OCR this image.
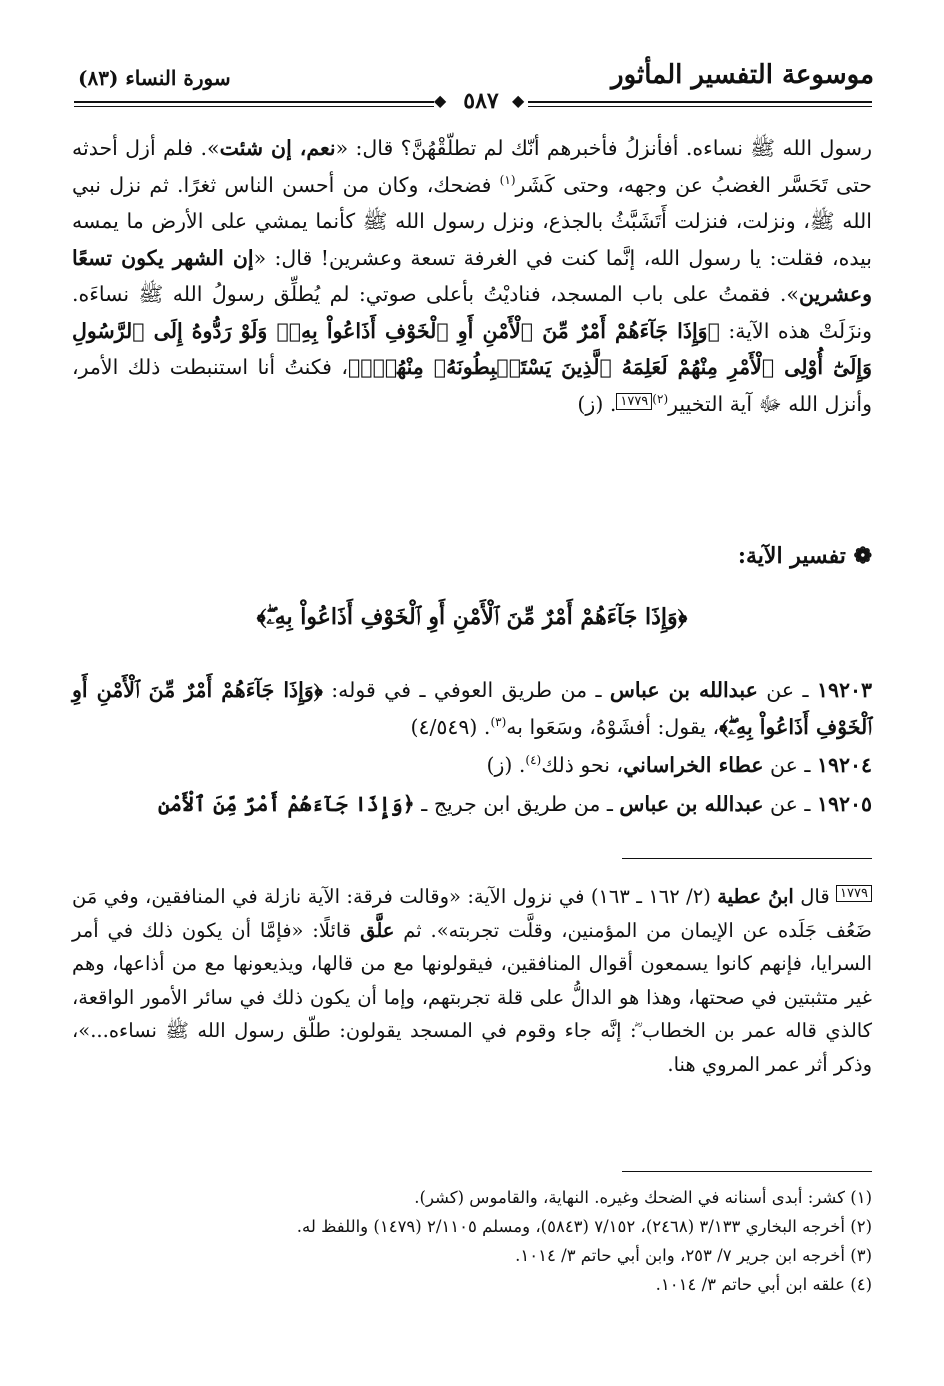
موسوعة التفسير المأثور
سورة النساء (٨٣)
◆	◆
٥٨٧

رسول الله ﷺ نساءه. أفأنزلُ فأخبرهم أنّك لم تطلّقْهُنَّ؟ قال: «نعم، إن شئت». فلم أزل أحدثه حتى تَحَسَّر الغضبُ عن وجهه، وحتى كَشَر$^{(١)}$ فضحك، وكان من أحسن الناس ثغرًا. ثم نزل نبي الله ﷺ، ونزلت، فنزلت أَتَشَبَّثُ بالجذع، ونزل رسول الله ﷺ كأنما يمشي على الأرض ما يمسه بيده، فقلت: يا رسول الله، إنَّما كنت في الغرفة تسعة وعشرين! قال: «إن الشهر يكون تسعًا وعشرين». فقمتُ على باب المسجد، فناديْتُ بأعلى صوتي: لم يُطلِّق رسولُ الله ﷺ نساءَه. ونزَلَتْ هذه الآية: ﴿وَإِذَا جَآءَهُمْ أَمْرٌ مِّنَ ٱلْأَمْنِ أَوِ ٱلْخَوْفِ أَذَاعُواْ بِهِۦۖ وَلَوْ رَدُّوهُ إِلَى ٱلرَّسُولِ وَإِلَىٰٓ أُوْلِى ٱلْأَمْرِ مِنْهُمْ لَعَلِمَهُ ٱلَّذِينَ يَسْتَنۢبِطُونَهُۥ مِنْهُمْۗ﴾، فكنتُ أنا استنبطت ذلك الأمر، وأنزل الله ﷻ آية التخيير$^{(٢)}$١٧٧٩. (ز)

❁ تفسير الآية:
﴿وَإِذَا جَآءَهُمْ أَمْرٌ مِّنَ ٱلْأَمْنِ أَوِ ٱلْخَوْفِ أَذَاعُواْ بِهِۦۖ﴾

١٩٢٠٣ ـ عن عبدالله بن عباس ـ من طريق العوفي ـ في قوله: ﴿وَإِذَا جَآءَهُمْ أَمْرٌ مِّنَ ٱلْأَمْنِ أَوِ ٱلْخَوْفِ أَذَاعُواْ بِهِۦۖ﴾، يقول: أفشَوْهُ، وسَعَوا به$^{(٣)}$. (٤/٥٤٩)

١٩٢٠٤ ـ عن عطاء الخراساني، نحو ذلك$^{(٤)}$. (ز)

١٩٢٠٥ ـ عن عبدالله بن عباس ـ من طريق ابن جريج ـ ﴿وَإِذَا جَآءَهُمْ أَمْرٌ مِّنَ ٱلْأَمْنِ

١٧٧٩ قال ابنُ عطية (٢/ ١٦٢ ـ ١٦٣) في نزول الآية: «وقالت فرقة: الآية نازلة في المنافقين، وفي مَن ضَعُف جَلَده عن الإيمان من المؤمنين، وقلَّت تجربته». ثم علَّق قائلًا: «فإمَّا أن يكون ذلك في أمر السرايا، فإنهم كانوا يسمعون أقوال المنافقين، فيقولونها مع من قالها، ويذيعونها مع من أذاعها، وهم غير متثبتين في صحتها، وهذا هو الدالُّ على قلة تجربتهم، وإما أن يكون ذلك في سائر الأمور الواقعة، كالذي قاله عمر بن الخطاب ؓ: إنَّه جاء وقوم في المسجد يقولون: طلّق رسول الله ﷺ نساءه...»، وذكر أثر عمر المروي هنا.

(١) كشر: أبدى أسنانه في الضحك وغيره. النهاية، والقاموس (كشر).

(٢) أخرجه البخاري ٣/١٣٣ (٢٤٦٨)، ٧/١٥٢ (٥٨٤٣)، ومسلم ٢/١١٠٥ (١٤٧٩) واللفظ له.

(٣) أخرجه ابن جرير ٧/ ٢٥٣، وابن أبي حاتم ٣/ ١٠١٤.

(٤) علقه ابن أبي حاتم ٣/ ١٠١٤.
